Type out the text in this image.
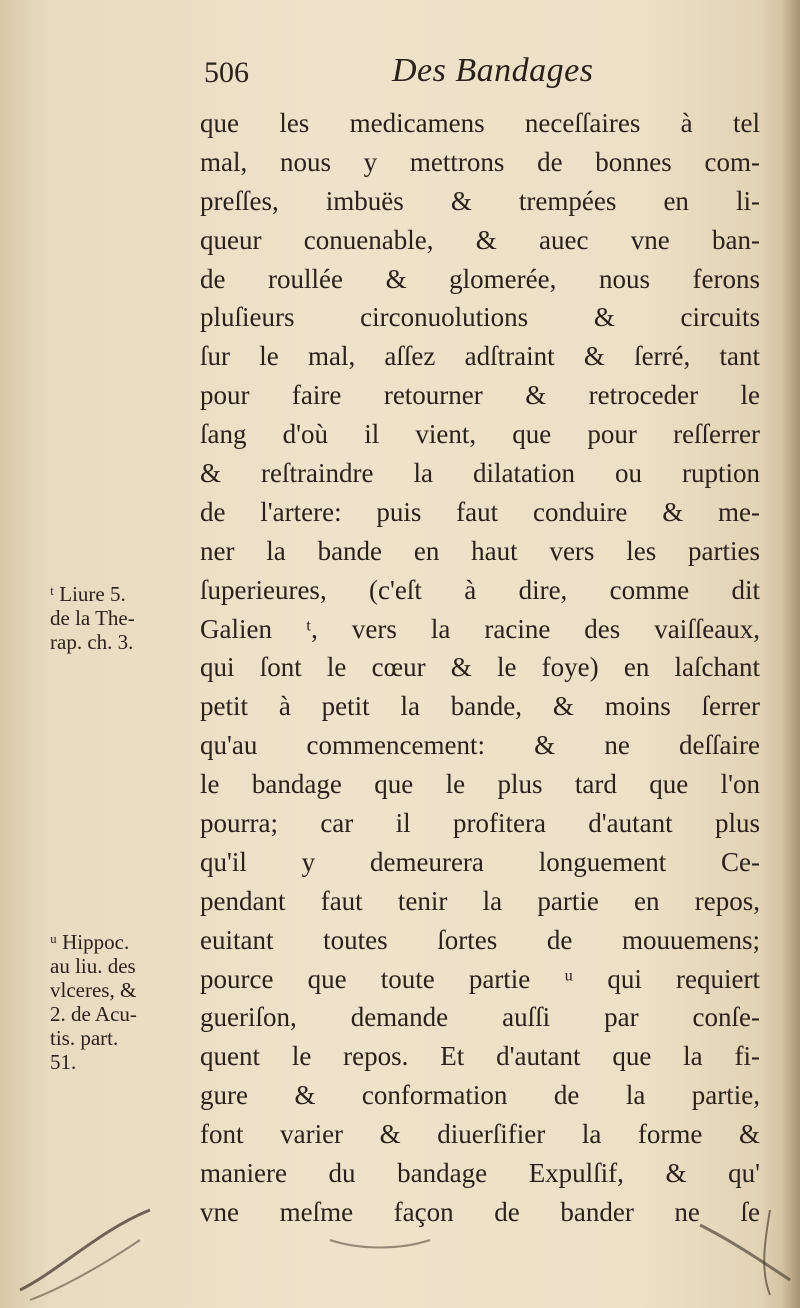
506	Des Bandages
que les medicamens neceſſaires à tel
mal, nous y mettrons de bonnes com-
preſſes, imbuës & trempées en li-
queur conuenable, & auec vne ban-
de roullée & glomerée, nous ferons
pluſieurs circonuolutions & circuits
ſur le mal, aſſez adſtraint & ſerré, tant
pour faire retourner & retroceder le
ſang d'où il vient, que pour reſſerrer
& reſtraindre la dilatation ou ruption
de l'artere: puis faut conduire & me-
ner la bande en haut vers les parties
ſuperieures, (c'eſt à dire, comme dit
Galien ᵗ, vers la racine des vaiſſeaux,
qui ſont le cœur & le foye) en laſchant
petit à petit la bande, & moins ſerrer
qu'au commencement: & ne deſſaire
le bandage que le plus tard que l'on
pourra; car il profitera d'autant plus
qu'il y demeurera longuement Ce-
pendant faut tenir la partie en repos,
euitant toutes ſortes de mouuemens;
pource que toute partie ᵘ qui requiert
gueriſon, demande auſſi par conſe-
quent le repos. Et d'autant que la fi-
gure & conformation de la partie,
font varier & diuerſifier la forme &
maniere du bandage Expulſif, & qu'
vne meſme façon de bander ne ſe
ᵗ Liure 5.
de la The-
rap. ch. 3.
ᵘ Hippoc.
au liu. des
vlceres, &
2. de Acu-
tis. part.
51.
